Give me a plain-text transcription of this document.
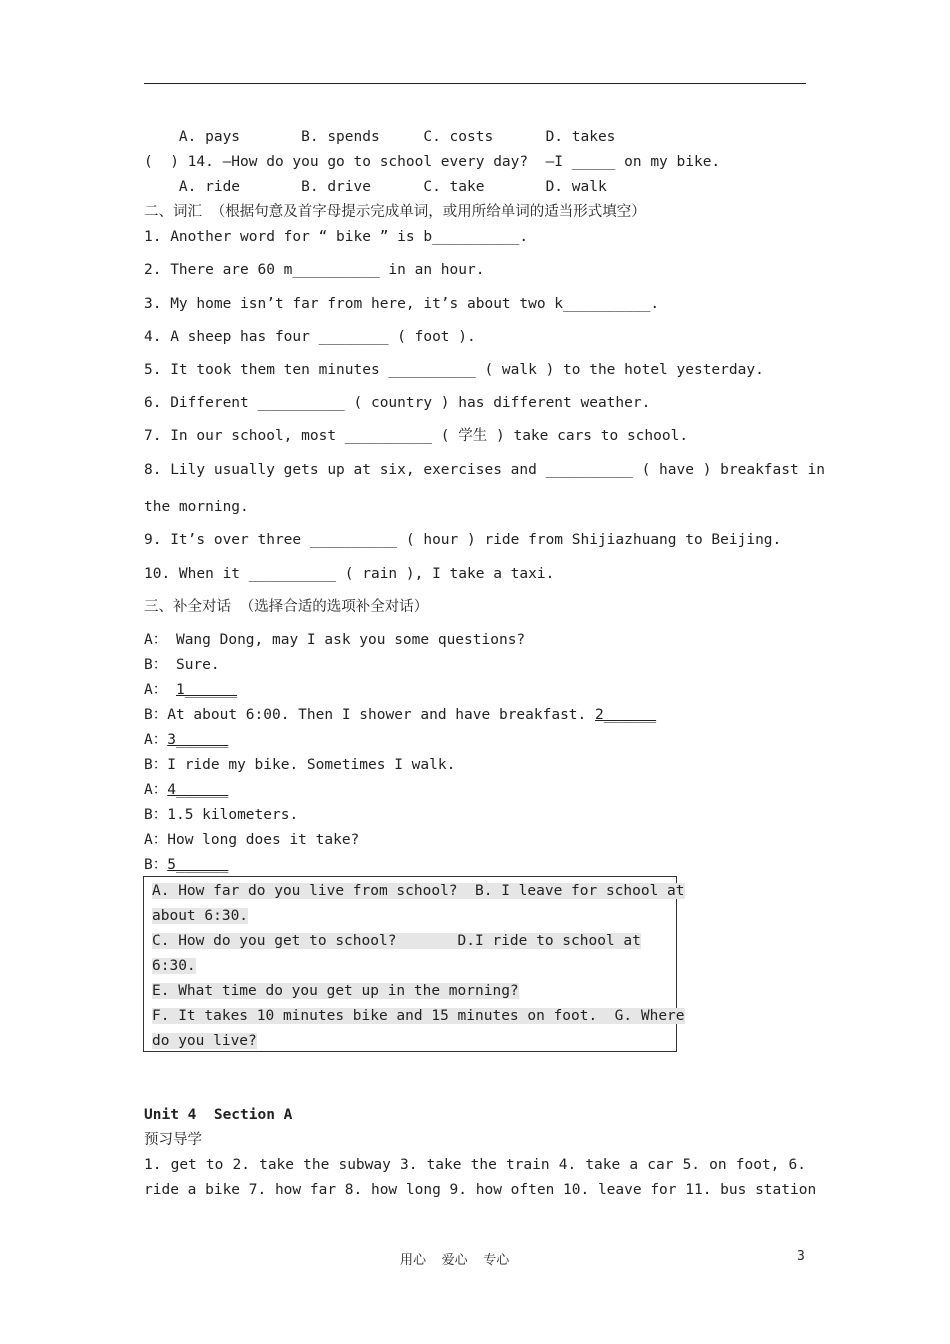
A. pays       B. spends     C. costs      D. takes
(  ) 14. —How do you go to school every day?  —I _____ on my bike.
A. ride       B. drive      C. take       D. walk
二、词汇 （根据句意及首字母提示完成单词，或用所给单词的适当形式填空）
1. Another word for “ bike ” is b__________.
2. There are 60 m__________ in an hour.
3. My home isn’t far from here, it’s about two k__________.
4. A sheep has four ________ ( foot ).
5. It took them ten minutes __________ ( walk ) to the hotel yesterday.
6. Different __________ ( country ) has different weather.
7. In our school, most __________ ( 学生 ) take cars to school.
8. Lily usually gets up at six, exercises and __________ ( have ) breakfast in
the morning.
9. It’s over three __________ ( hour ) ride from Shijiazhuang to Beijing.
10. When it __________ ( rain ), I take a taxi.
三、补全对话 （选择合适的选项补全对话）
A： Wang Dong, may I ask you some questions?
B： Sure.
A： 1______
B：At about 6:00. Then I shower and have breakfast. 2______
A：3______
B：I ride my bike. Sometimes I walk.
A：4______
B：1.5 kilometers.
A：How long does it take?
B：5______
A. How far do you live from school?  B. I leave for school at
about 6:30.
C. How do you get to school?       D.I ride to school at
6:30.
E. What time do you get up in the morning?
F. It takes 10 minutes bike and 15 minutes on foot.  G. Where
do you live?
Unit 4  Section A
预习导学
1. get to 2. take the subway 3. take the train 4. take a car 5. on foot, 6.
ride a bike 7. how far 8. how long 9. how often 10. leave for 11. bus station
用心  爱心  专心	3
